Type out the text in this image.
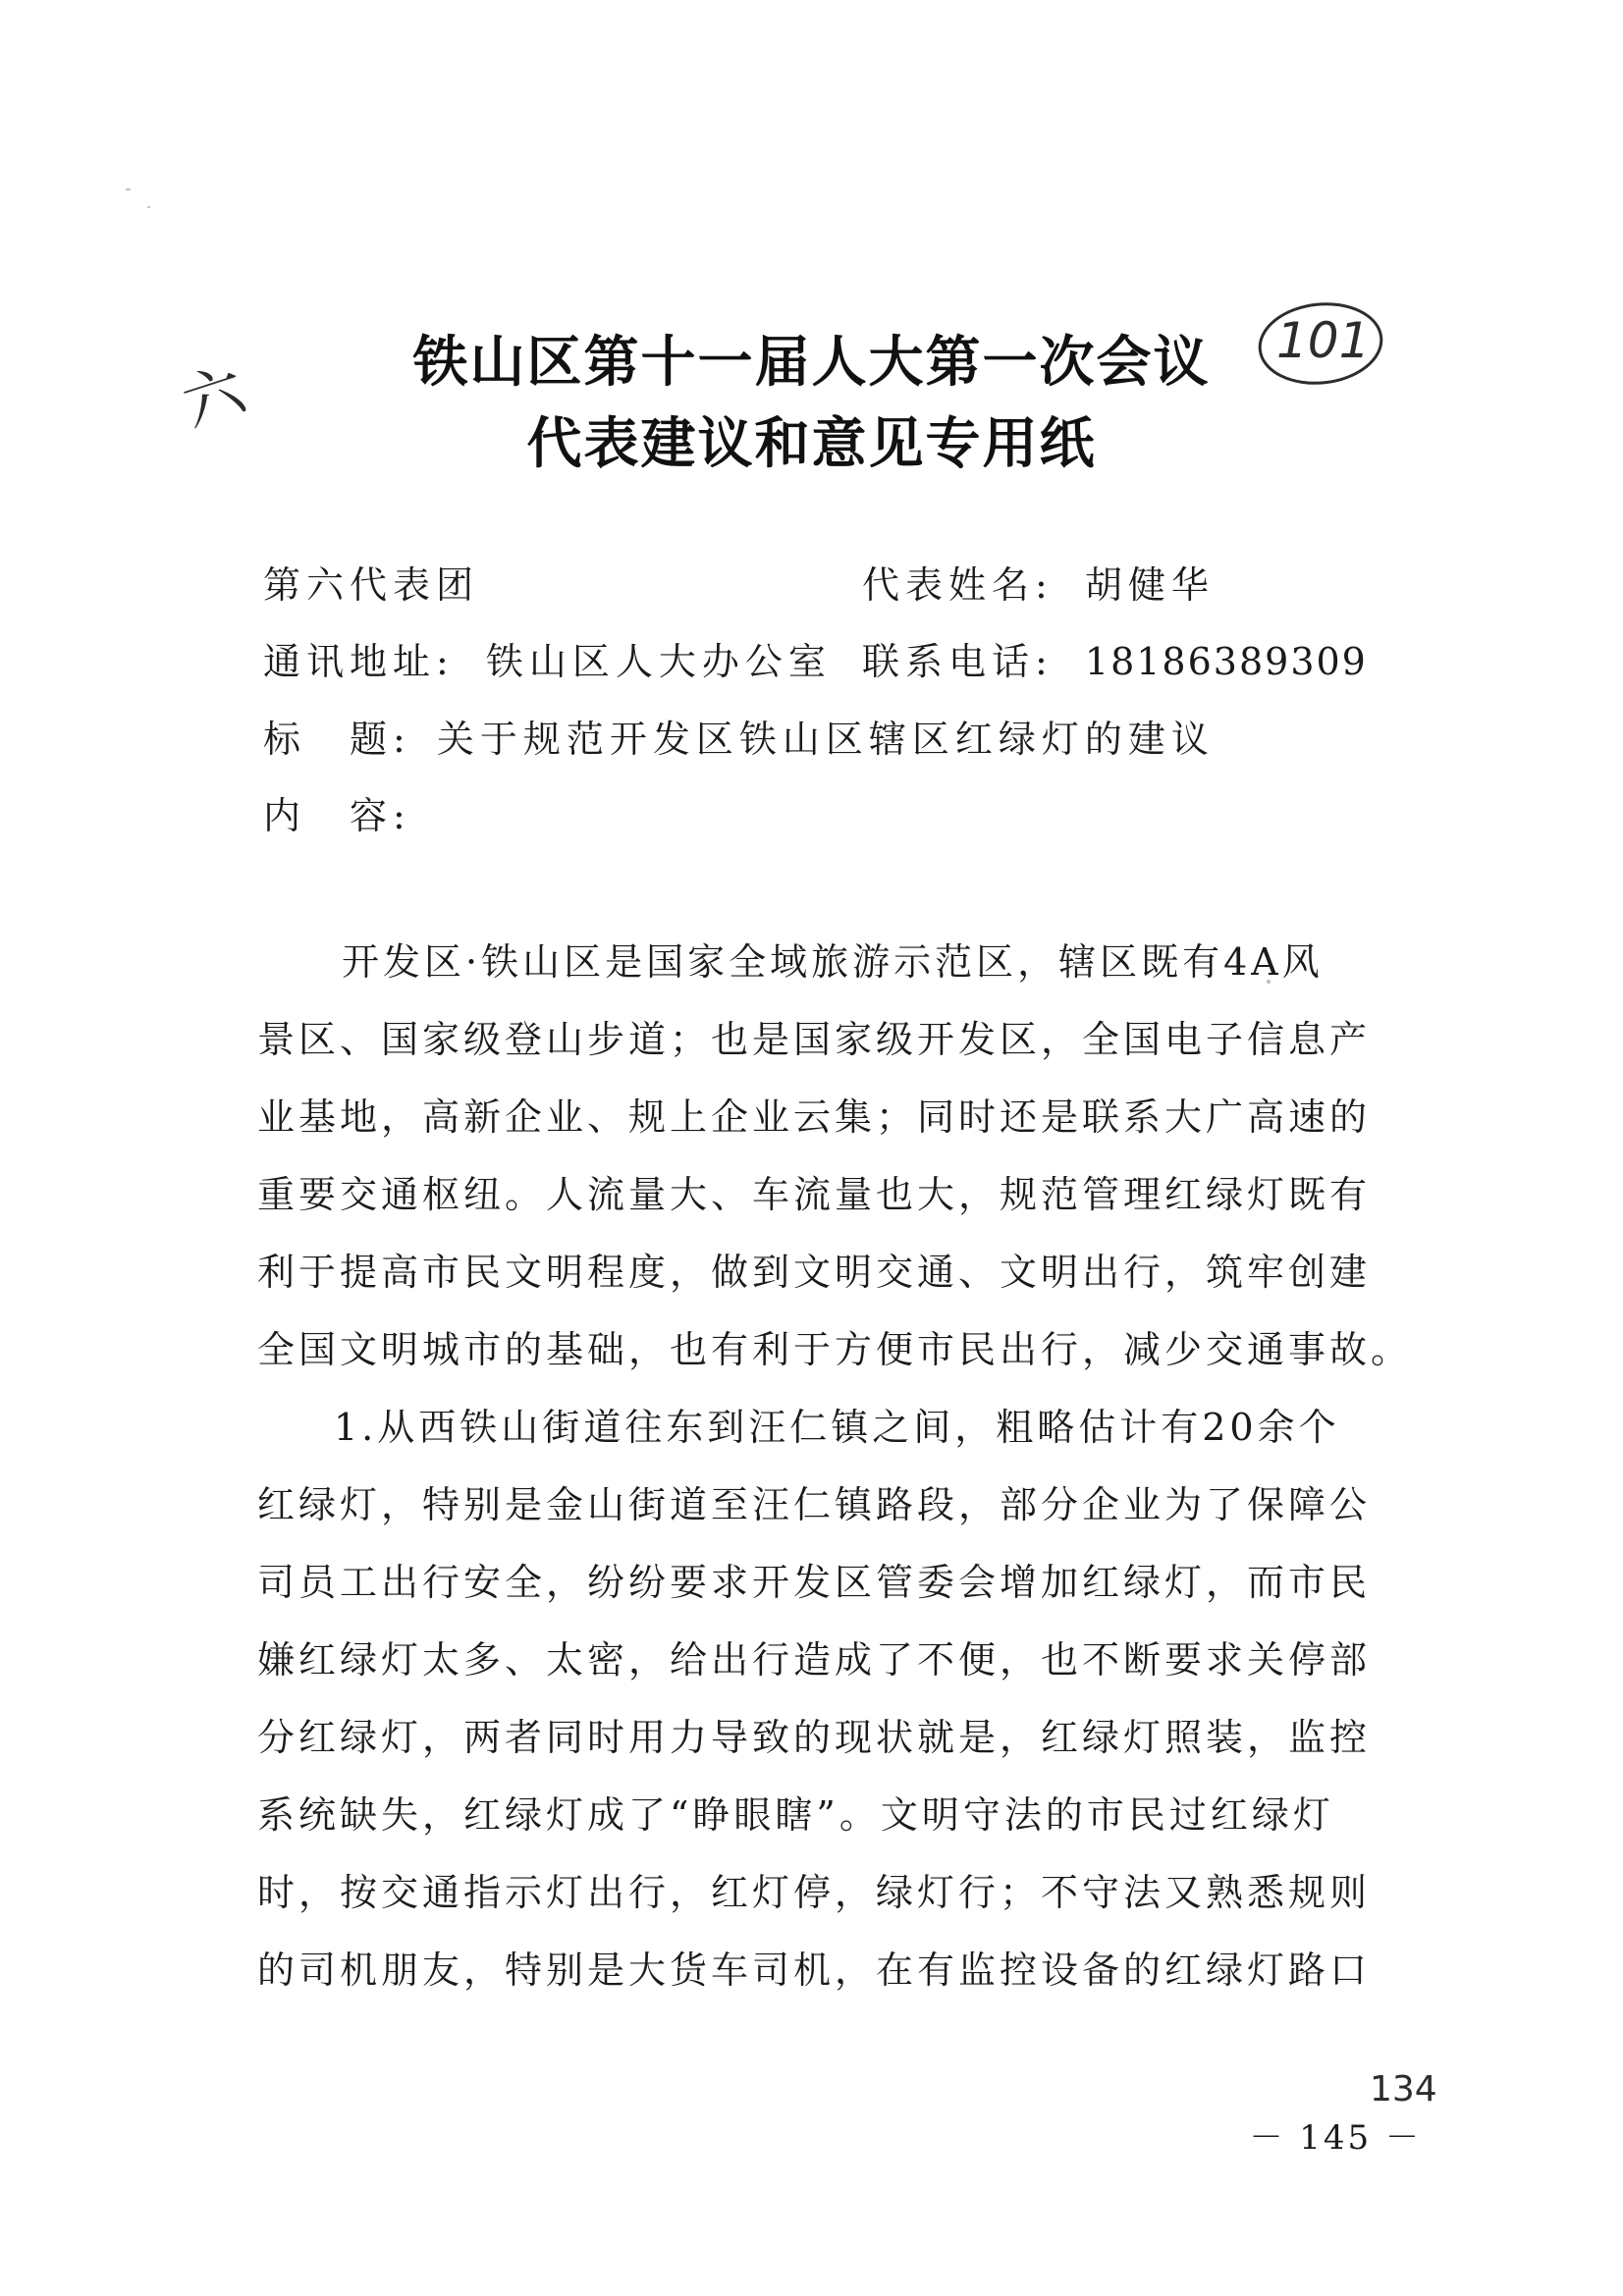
六
101
134
铁山区第十一届人大第一次会议
代表建议和意见专用纸
第六代表团	代表姓名: 胡健华
通讯地址: 铁山区人大办公室 联系电话: 18186389309
标　题: 关于规范开发区铁山区辖区红绿灯的建议
内　容:
开发区·铁山区是国家全域旅游示范区，辖区既有4A风
景区、国家级登山步道；也是国家级开发区，全国电子信息产
业基地，高新企业、规上企业云集；同时还是联系大广高速的
重要交通枢纽。人流量大、车流量也大，规范管理红绿灯既有
利于提高市民文明程度，做到文明交通、文明出行，筑牢创建
全国文明城市的基础，也有利于方便市民出行，减少交通事故。
1.从西铁山街道往东到汪仁镇之间，粗略估计有20余个
红绿灯，特别是金山街道至汪仁镇路段，部分企业为了保障公
司员工出行安全，纷纷要求开发区管委会增加红绿灯，而市民
嫌红绿灯太多、太密，给出行造成了不便，也不断要求关停部
分红绿灯，两者同时用力导致的现状就是，红绿灯照装，监控
系统缺失，红绿灯成了“睁眼瞎”。文明守法的市民过红绿灯
时，按交通指示灯出行，红灯停，绿灯行；不守法又熟悉规则
的司机朋友，特别是大货车司机，在有监控设备的红绿灯路口
－ 145 －
